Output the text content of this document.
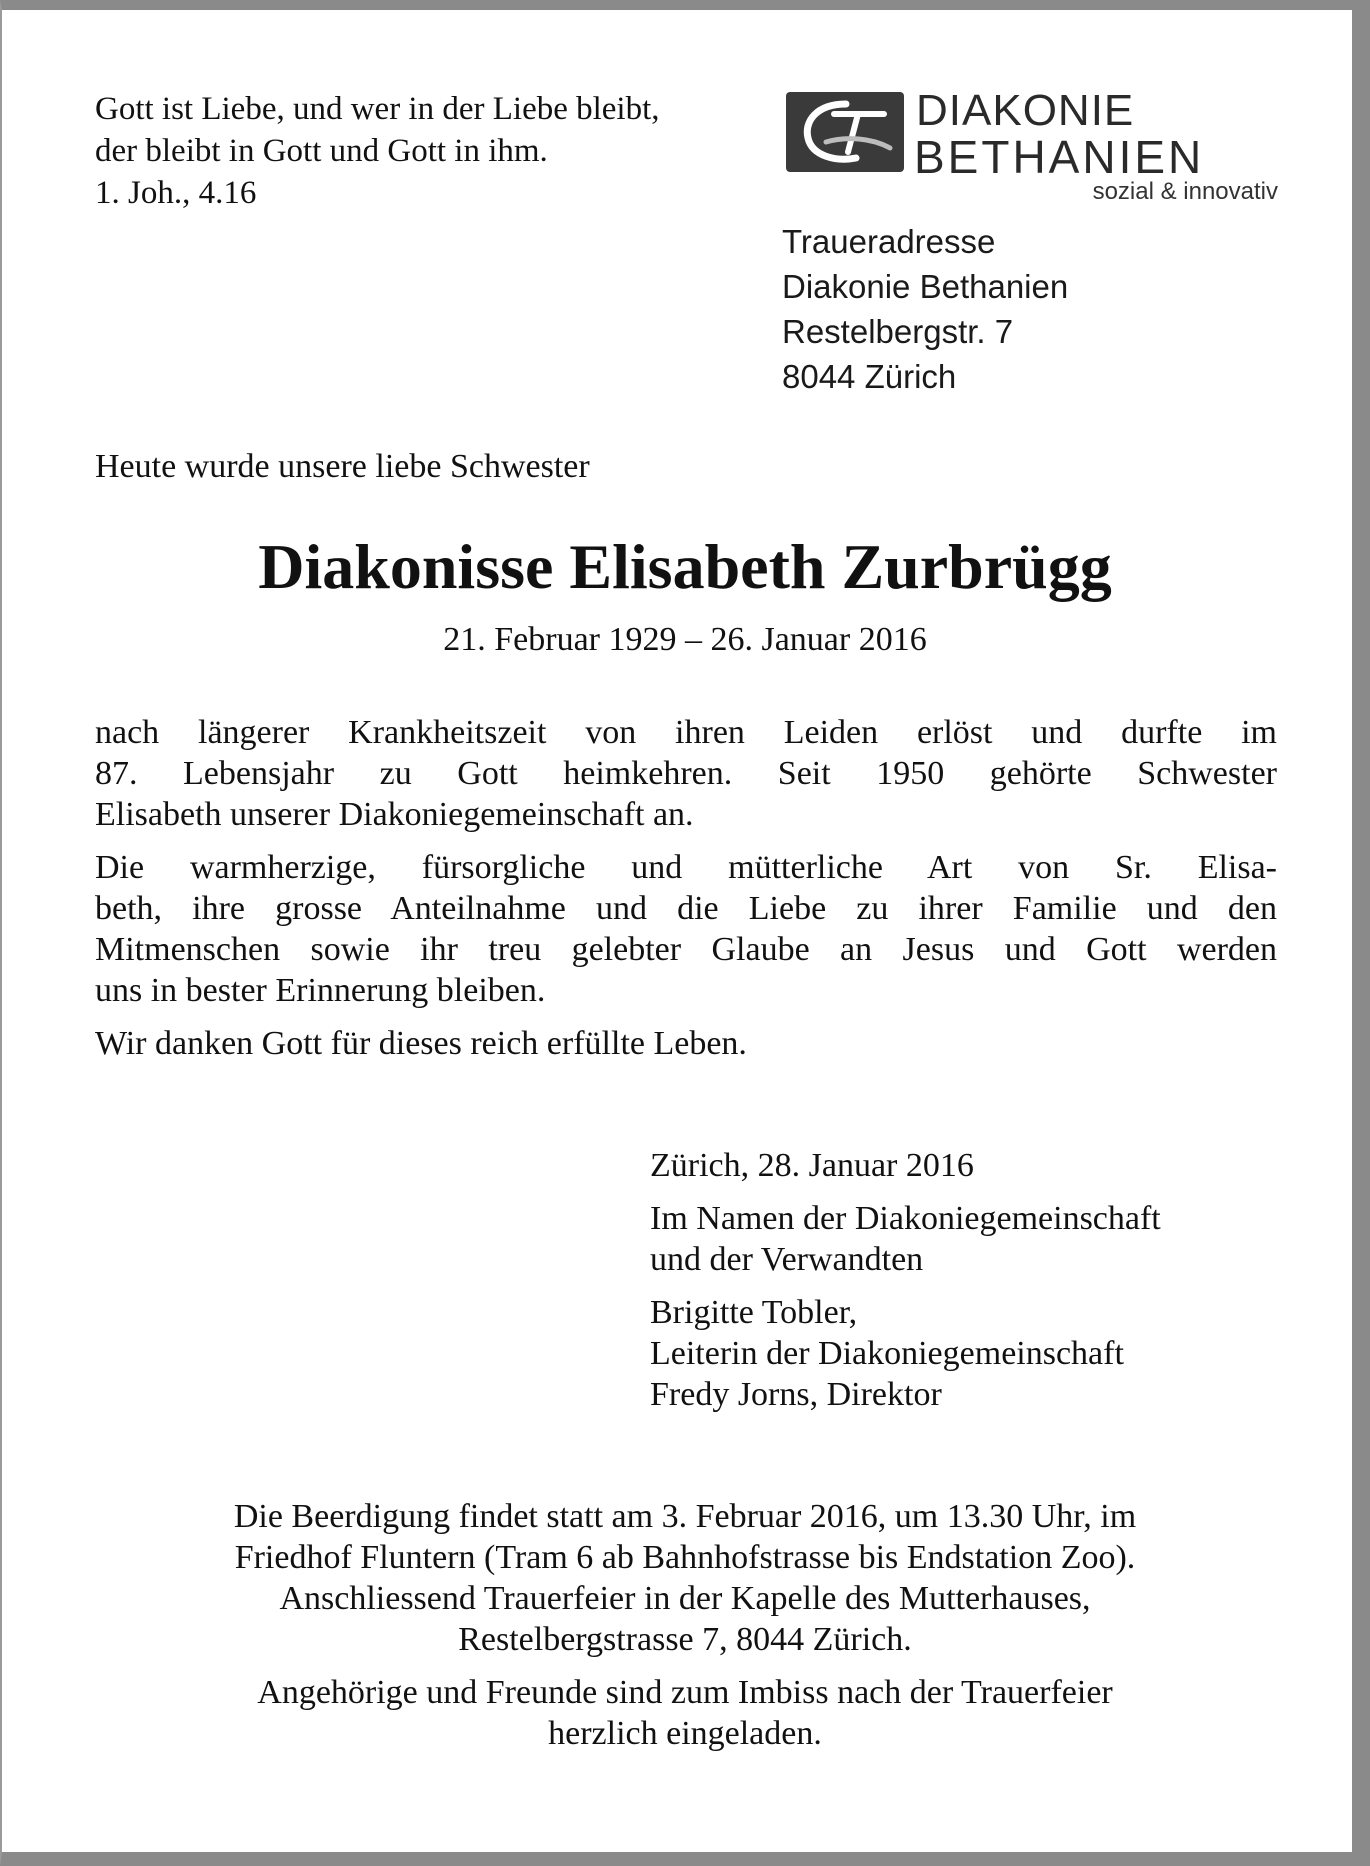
Gott ist Liebe, und wer in der Liebe bleibt,
der bleibt in Gott und Gott in ihm.
1. Joh., 4.16
DIAKONIE
BETHANIEN
sozial & innovativ
Traueradresse
Diakonie Bethanien
Restelbergstr. 7
8044 Zürich
Heute wurde unsere liebe Schwester
Diakonisse Elisabeth Zurbrügg
21. Februar 1929 – 26. Januar 2016
nach längerer Krankheitszeit von ihren Leiden erlöst und durfte im
87. Lebensjahr zu Gott heimkehren. Seit 1950 gehörte Schwester
Elisabeth unserer Diakoniegemeinschaft an.
Die warmherzige, fürsorgliche und mütterliche Art von Sr. Elisa-
beth, ihre grosse Anteilnahme und die Liebe zu ihrer Familie und den
Mitmenschen sowie ihr treu gelebter Glaube an Jesus und Gott werden
uns in bester Erinnerung bleiben.
Wir danken Gott für dieses reich erfüllte Leben.
Zürich, 28. Januar 2016
Im Namen der Diakoniegemeinschaft
und der Verwandten
Brigitte Tobler,
Leiterin der Diakoniegemeinschaft
Fredy Jorns, Direktor
Die Beerdigung findet statt am 3. Februar 2016, um 13.30 Uhr, im
Friedhof Fluntern (Tram 6 ab Bahnhofstrasse bis Endstation Zoo).
Anschliessend Trauerfeier in der Kapelle des Mutterhauses,
Restelbergstrasse 7, 8044 Zürich.
Angehörige und Freunde sind zum Imbiss nach der Trauerfeier
herzlich eingeladen.
